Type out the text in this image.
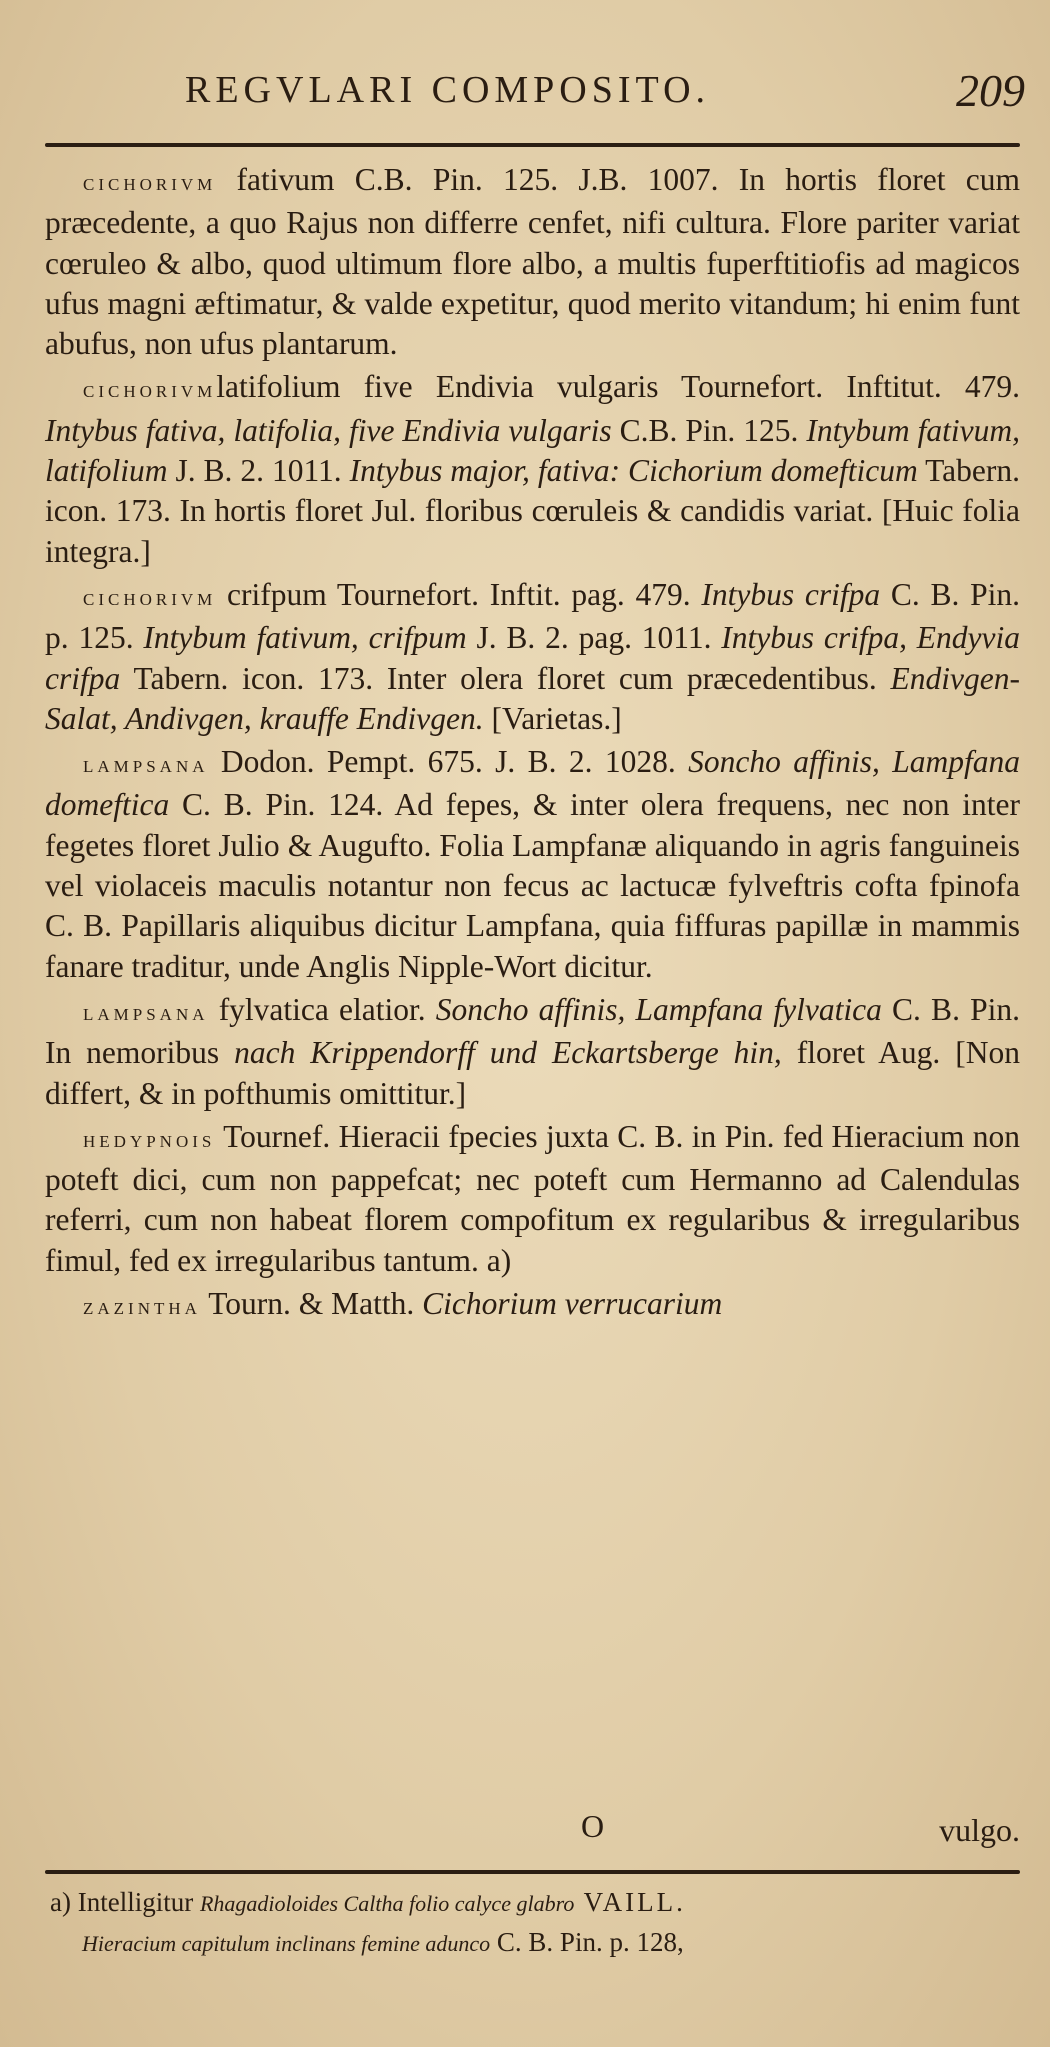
REGVLARI COMPOSITO.	209

cichorivm fativum C.B. Pin. 125. J.B. 1007. In hortis floret cum præcedente, a quo Rajus non differre cenfet, nifi cultura. Flore pariter variat cœruleo & albo, quod ultimum flore albo, a multis fuperftitiofis ad magicos ufus magni æftimatur, & valde expetitur, quod merito vitandum; hi enim funt abufus, non ufus plantarum.

cichorivmlatifolium five Endivia vulgaris Tournefort. Inftitut. 479. Intybus fativa, latifolia, five Endivia vulgaris C.B. Pin. 125. Intybum fativum, latifolium J. B. 2. 1011. Intybus major, fativa: Cichorium domefticum Tabern. icon. 173. In hortis floret Jul. floribus cœruleis & candidis variat. [Huic folia integra.]

cichorivm crifpum Tournefort. Inftit. pag. 479. Intybus crifpa C. B. Pin. p. 125. Intybum fativum, crifpum J. B. 2. pag. 1011. Intybus crifpa, Endyvia crifpa Tabern. icon. 173. Inter olera floret cum præcedentibus. Endivgen-Salat, Andivgen, krauffe Endivgen. [Varietas.]

lampsana Dodon. Pempt. 675. J. B. 2. 1028. Soncho affinis, Lampfana domeftica C. B. Pin. 124. Ad fepes, & inter olera frequens, nec non inter fegetes floret Julio & Augufto. Folia Lampfanæ aliquando in agris fanguineis vel violaceis maculis notantur non fecus ac lactucæ fylveftris cofta fpinofa C. B. Papillaris aliquibus dicitur Lampfana, quia fiffuras papillæ in mammis fanare traditur, unde Anglis Nipple-Wort dicitur.

lampsana fylvatica elatior. Soncho affinis, Lampfana fylvatica C. B. Pin. In nemoribus nach Krippendorff und Eckartsberge hin, floret Aug. [Non differt, & in pofthumis omittitur.]

hedypnois Tournef. Hieracii fpecies juxta C. B. in Pin. fed Hieracium non poteft dici, cum non pappefcat; nec poteft cum Hermanno ad Calendulas referri, cum non habeat florem compofitum ex regularibus & irregularibus fimul, fed ex irregularibus tantum. a)

zazintha Tourn. & Matth. Cichorium verrucarium

O	vulgo.
a) Intelligitur Rhagadioloides Caltha folio calyce glabro VAILL.
Hieracium capitulum inclinans femine adunco C. B. Pin. p. 128,
